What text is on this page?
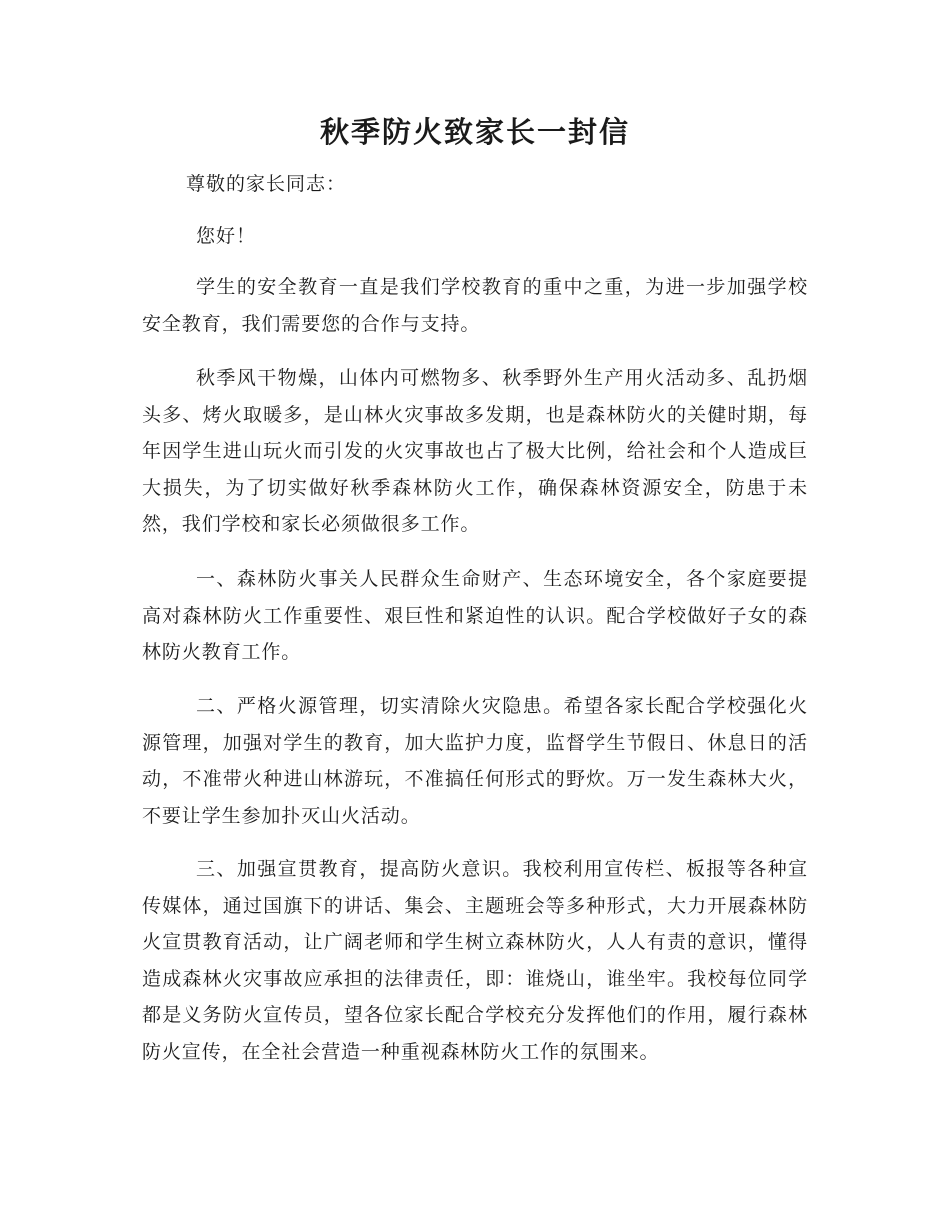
秋季防火致家长一封信
尊敬的家长同志：
您好！

学生的安全教育一直是我们学校教育的重中之重，为进一步加强学校安全教育，我们需要您的合作与支持。

秋季风干物燥，山体内可燃物多、秋季野外生产用火活动多、乱扔烟头多、烤火取暖多，是山林火灾事故多发期，也是森林防火的关健时期，每年因学生进山玩火而引发的火灾事故也占了极大比例，给社会和个人造成巨大损失，为了切实做好秋季森林防火工作，确保森林资源安全，防患于未然，我们学校和家长必须做很多工作。

一、森林防火事关人民群众生命财产、生态环境安全，各个家庭要提高对森林防火工作重要性、艰巨性和紧迫性的认识。配合学校做好子女的森林防火教育工作。

二、严格火源管理，切实清除火灾隐患。希望各家长配合学校强化火源管理，加强对学生的教育，加大监护力度，监督学生节假日、休息日的活动，不准带火种进山林游玩，不准搞任何形式的野炊。万一发生森林大火，不要让学生参加扑灭山火活动。

三、加强宣贯教育，提高防火意识。我校利用宣传栏、板报等各种宣传媒体，通过国旗下的讲话、集会、主题班会等多种形式，大力开展森林防火宣贯教育活动，让广阔老师和学生树立森林防火，人人有责的意识，懂得造成森林火灾事故应承担的法律责任，即：谁烧山，谁坐牢。我校每位同学都是义务防火宣传员，望各位家长配合学校充分发挥他们的作用，履行森林防火宣传，在全社会营造一种重视森林防火工作的氛围来。
